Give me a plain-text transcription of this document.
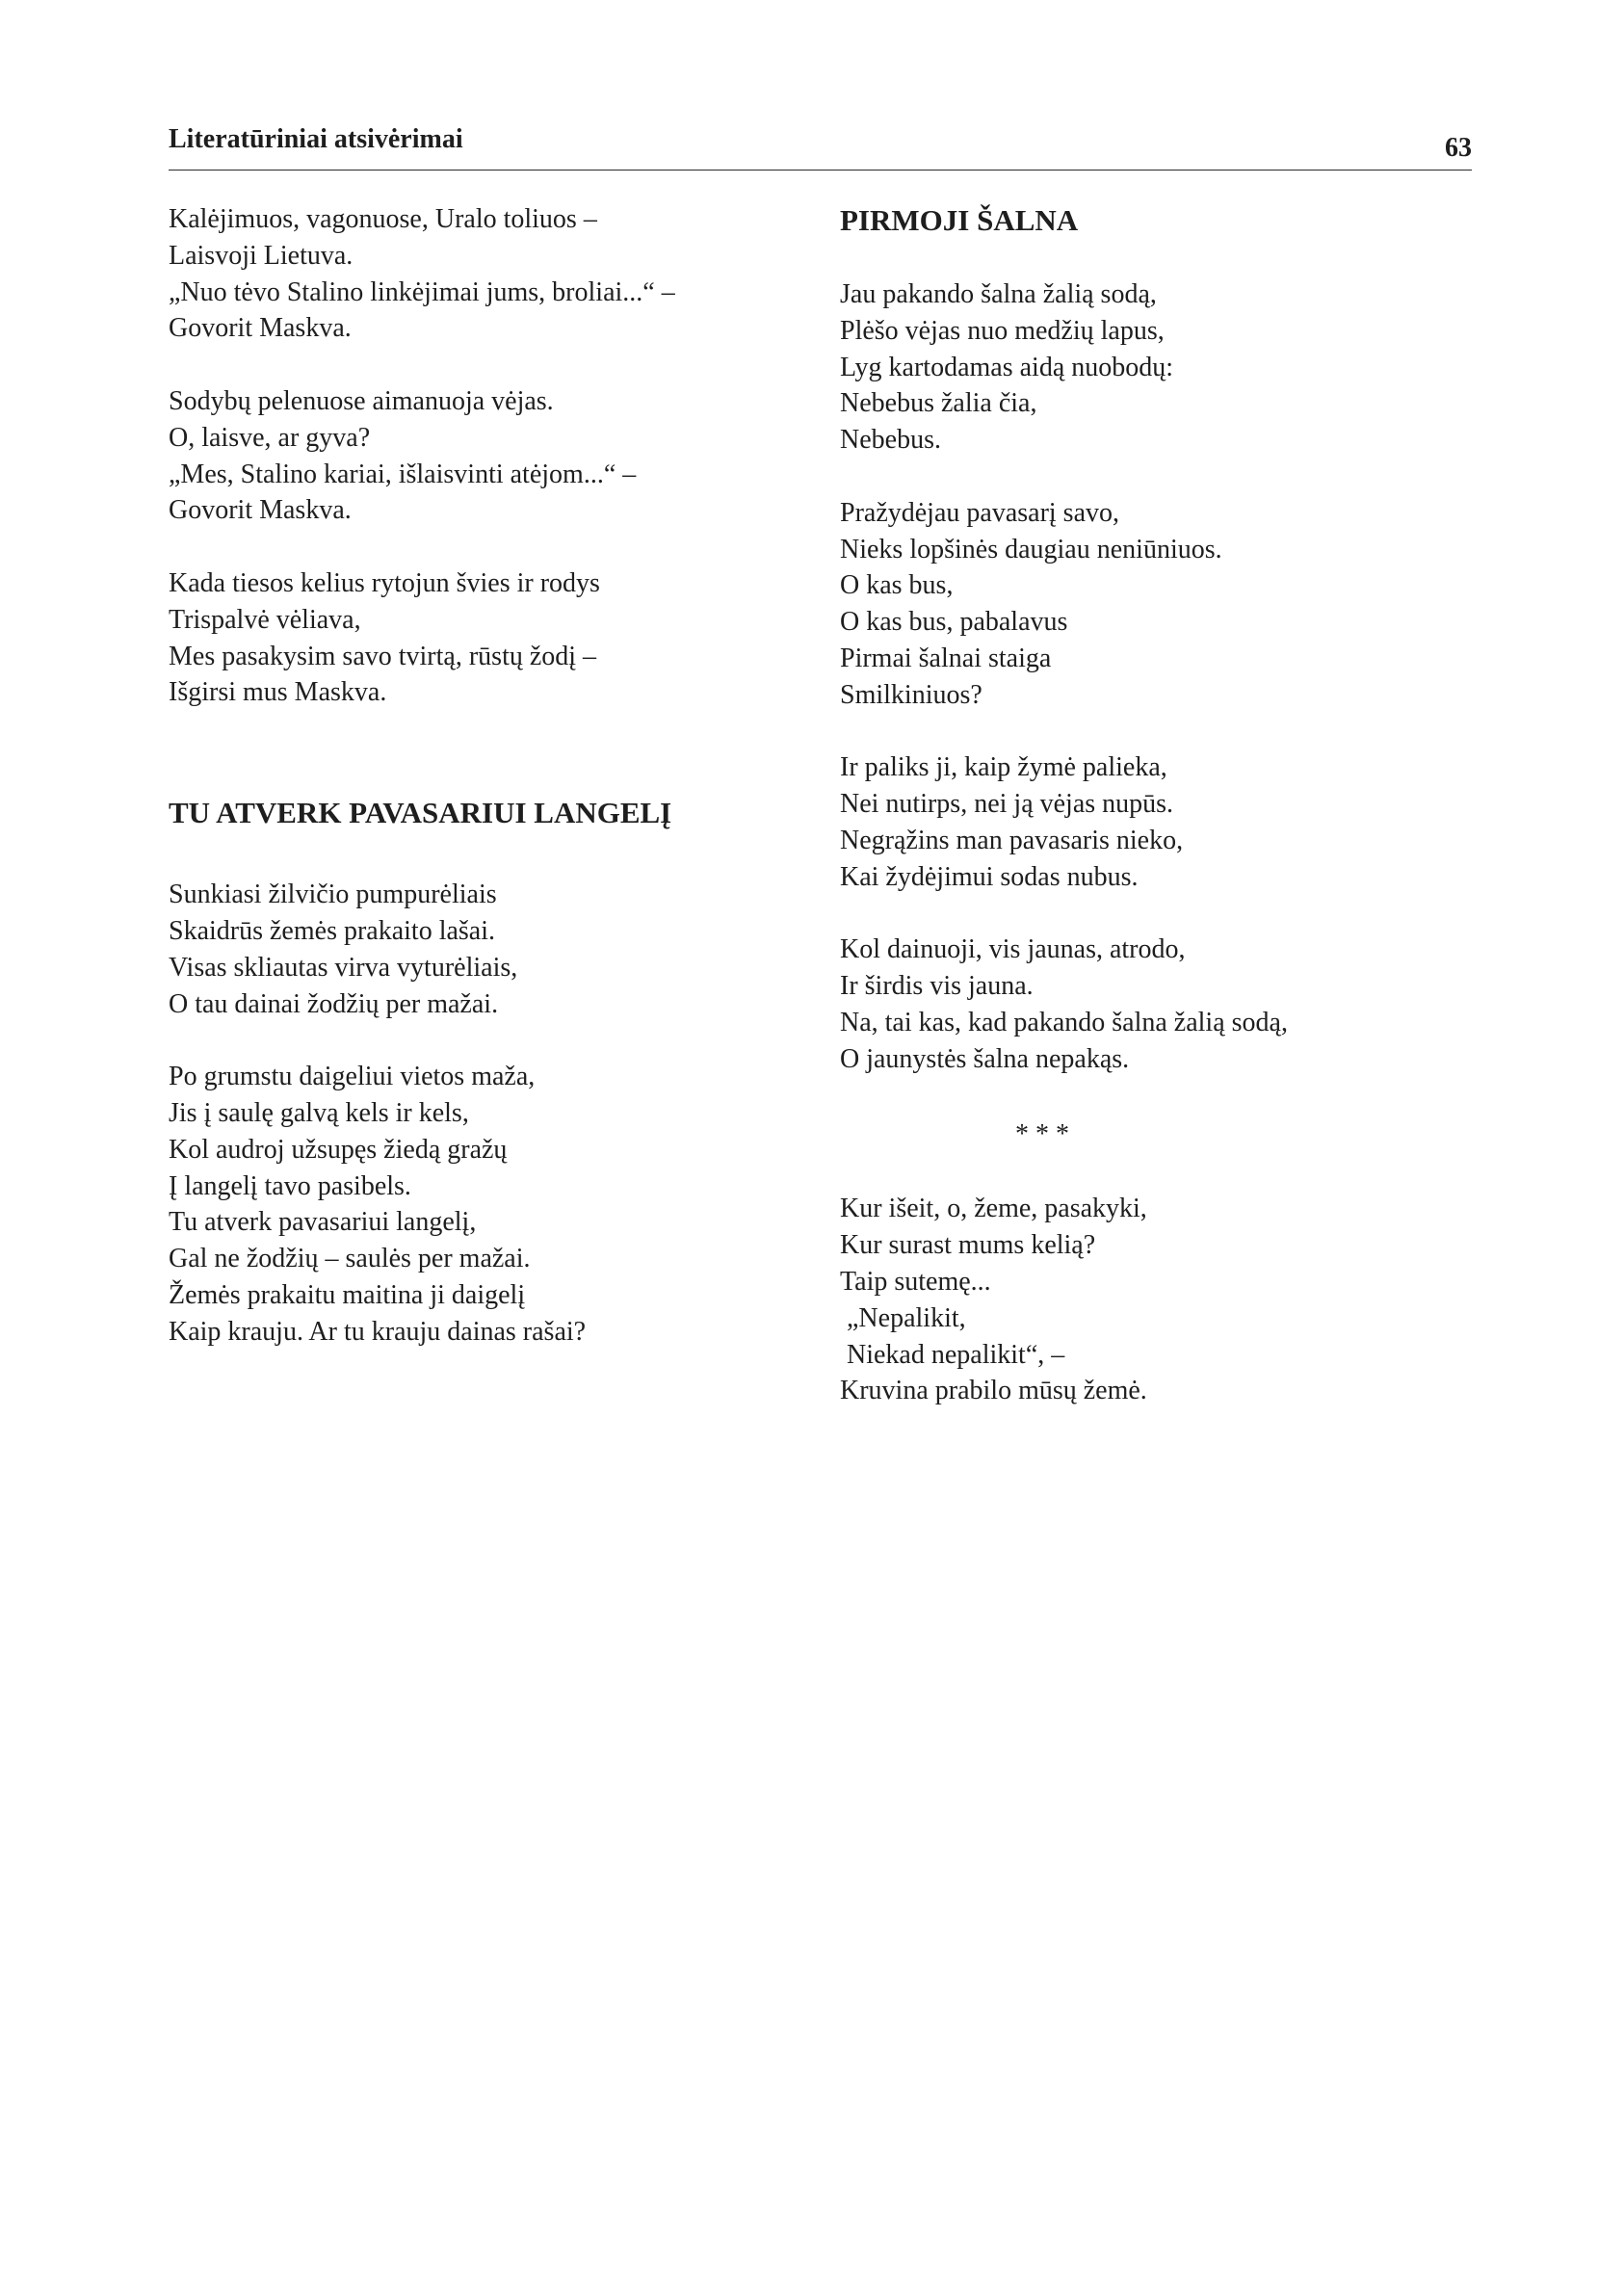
Literatūriniai atsivėrimai	63
Kalėjimuos, vagonuose, Uralo toliuos –
Laisvoji Lietuva.
„Nuo tėvo Stalino linkėjimai jums, broliai...“ –
Govorit Maskva.
Sodybų pelenuose aimanuoja vėjas.
O, laisve, ar gyva?
„Mes, Stalino kariai, išlaisvinti atėjom...“ –
Govorit Maskva.
Kada tiesos kelius rytojun švies ir rodys
Trispalvė vėliava,
Mes pasakysim savo tvirtą, rūstų žodį –
Išgirsi mus Maskva.
TU ATVERK PAVASARIUI LANGELĮ
Sunkiasi žilvičio pumpurėliais
Skaidrūs žemės prakaito lašai.
Visas skliautas virva vyturėliais,
O tau dainai žodžių per mažai.
Po grumstu daigeliui vietos maža,
Jis į saulę galvą kels ir kels,
Kol audroj užsupęs žiedą gražų
Į langelį tavo pasibels.
Tu atverk pavasariui langelį,
Gal ne žodžių – saulės per mažai.
Žemės prakaitu maitina ji daigelį
Kaip krauju. Ar tu krauju dainas rašai?
PIRMOJI ŠALNA
Jau pakando šalna žalią sodą,
Plėšo vėjas nuo medžių lapus,
Lyg kartodamas aidą nuobodų:
Nebebus žalia čia,
Nebebus.
Pražydėjau pavasarį savo,
Nieks lopšinės daugiau neniūniuos.
O kas bus,
O kas bus, pabalavus
Pirmai šalnai staiga
Smilkiniuos?
Ir paliks ji, kaip žymė palieka,
Nei nutirps, nei ją vėjas nupūs.
Negrąžins man pavasaris nieko,
Kai žydėjimui sodas nubus.
Kol dainuoji, vis jaunas, atrodo,
Ir širdis vis jauna.
Na, tai kas, kad pakando šalna žalią sodą,
O jaunystės šalna nepakąs.
* * *
Kur išeit, o, žeme, pasakyki,
Kur surast mums kelią?
Taip sutemę...
„Nepalikit,
Niekad nepalikit“, –
Kruvina prabilo mūsų žemė.
